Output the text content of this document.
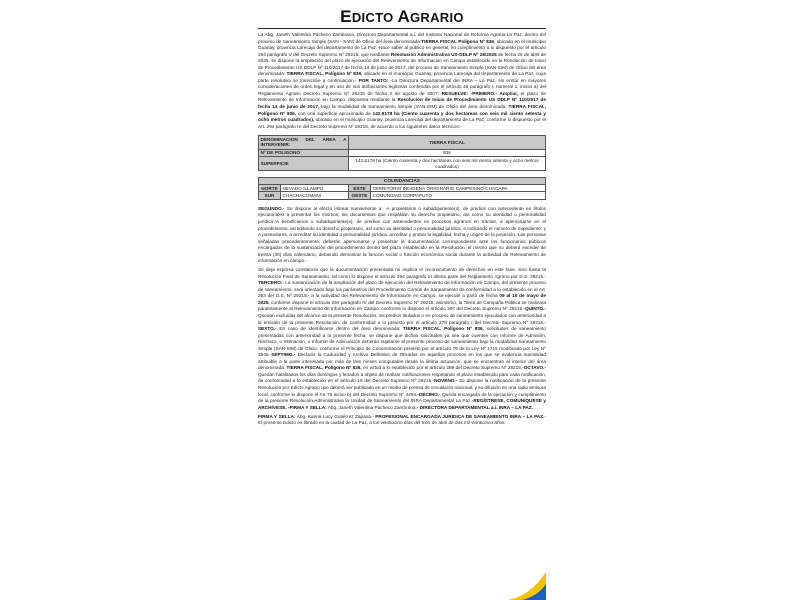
EDICTO AGRARIO

La Abg. Janeth Valentina Pacheco Zambrana, Directora Departamental a.i. del Instituto Nacional de Reforma Agraria-La Paz, dentro del proceso de Saneamiento Simple (SAN - SAN) de Oficio del área denominada TIERRA FISCAL Polígono Nº 836, ubicado en el municipio Guanay, provincia Larecaja del departamento de La Paz.-Hace saber al público en general, en cumplimiento a lo dispuesto por el artículo 294 parágrafo V del Decreto Supremo Nº 29215, que mediante Resolución Administrativa US-DDLP Nº 28/2025 de fecha 25 de abril de 2025, se dispone la ampliación del plazo de ejecución del Relevamiento de Información en Campo establecido en la Resolución de Inicio de Procedimiento US DDLP Nº 110/2017 de fecha 14 de junio de 2017, del proceso de Saneamiento Simple (SAN-SIM) de Oficio del área denominada: TIERRA FISCAL, Polígono Nº 836, ubicado en el municipio Guanay, provincia Larecaja del departamento de La Paz, cuya parte resolutiva se transcribe a continuación.- POR TANTO: -La Directora Departamental del INRA – La Paz, sin entrar en mayores consideraciones de orden legal y en uso de sus atribuciones legítimas conferidas por el artículo 48 parágrafo I, numeral 1, inciso a) del Reglamento Agrario Decreto Supremo Nº 29215 de fecha 2 de agosto de 2007; RESUELVE: -PRIMERO.- Ampliar, el plazo de Relevamiento de Información en Campo, dispuesta mediante la Resolución de Inicio de Procedimiento US DDLP Nº 110/2017 de fecha 14 de junio de 2017, bajo la modalidad de Saneamiento Simple (SAN-SIM) de Oficio del área denominada: TIERRA FISCAL, Polígono Nº 836, con una superficie aproximada de 142.6178 ha (Ciento cuarenta y dos hectáreas con seis mil ciento setenta y ocho metros cuadrados), ubicado en el municipio Guanay, provincia Larecaja del departamento de La Paz, conforme lo dispuesto por el Art. 294 parágrafo IV del Decreto Supremo Nº 29215, de acuerdo a los siguientes datos técnicos:-

DENOMINACION DEL ÁREA A INTERVENIR:	TIERRA FISCAL
Nº DE POLIGONO	836
SUPERFICIE	142.6178 ha (Ciento cuarenta y dos hectáreas con seis mil ciento setenta y ocho metros cuadrados)
COLINDANCIAS			
NORTE	NEVADO ILLAMPU	ESTE	TERRITORIO INDIGENA ORIGINARIO CAMPESINO CHACAPA
SUR	CHACHACOMANI	OESTE	COMUNIDAD CORPAPUTO

SEGUNDO.- Se dispone al efecto intimar nuevamente a: -A propietarios o subadquiriente(s), de predios con antecedente en títulos ejecutoriales a presentar los mismos, los documentos que respaldan su derecho propietario, así como su identidad o personalidad jurídica.-A beneficiarios o subadquiriente(s), de predios con antecedentes en procesos agrarios en trámite, a apersonarse en el procedimiento, acreditando su derecho propietario, así como su identidad o personalidad jurídica, e indicando el número de expediente; y A poseedores, a acreditar su identidad o personalidad jurídica, acreditar y probar la legalidad, fecha y origen de la posesión.-Las personas señaladas precedentemente, deberán apersonarse y presentar la documentación correspondiente ante los funcionarios públicos encargados de la sustanciación del procedimiento dentro del plazo establecido en la Resolución, el mismo que no deberá exceder de treinta (30) días calendario, debiendo demostrar la función social o función económica social durante la actividad de Relevamiento de información en campo.-

Se deja expresa constancia que la documentación presentada no implica el reconocimiento de derechos en este fase, sino hasta la Resolución Final de Saneamiento, tal como lo dispone el artículo 294 parágrafo III última parte del Reglamento Agrario por D.S. 29215.-TERCERO.- La sustanciación de la ampliación del plazo de ejecución del Relevamiento de Información en Campo, del presente proceso de saneamiento, será orientado bajo los parámetros del Procedimiento Común de Saneamiento de conformidad a lo establecido en el Art. 263 del D.S. Nº 29215.- a la actividad del Relevamiento de Información en Campo, se ejecute a partir de fecha 09 al 10 de mayo de 2025, conforme dispone el artículo 294 parágrafo IV del Decreto Supremo Nº 29215; asimismo, la Tarea de Campaña Pública se realizara paralelamente al Relevamiento de Información en Campo, conforme lo dispone el artículo 297 del Decreto Supremo Nº 29215.-QUINTO.- Quedan excluidas del alcance de la presente Resolución, los predios titulados o en proceso de saneamiento ejecutados con anterioridad a la emisión de la presente Resolución, de conformidad a lo previsto por el artículo 278 parágrafo I del Decreto Supremo Nº 29215.-SEXTO.- En caso de identificarse dentro del área denominada: TIERRA FISCAL, Polígono Nº 836, solicitudes de saneamiento presentadas con anterioridad a la presente fecha, se dispone que dichas solicitudes ya sea que cuenten con Informe de Admisión, Rechazo, o Intimación, o Informe de Adecuación deberán sujetarse al presente proceso de saneamiento bajo la modalidad Saneamiento Simple (SAN-SIM) de Oficio, conforme el Principio de Concentración previsto por el artículo 76 de la Ley Nº 1715 modificado por Ley Nº 3545.-SÉPTIMO.- Declarar la Caducidad y Archivo Definitivo de Obrados en aquellos procesos en los que se evidencia inactividad atribuible a la parte interesada por más de tres meses computable desde la última actuación, que se encuentran al interior del área denominada: TIERRA FISCAL, Polígono Nº 836, en virtud a lo establecido por el artículo 289 del Decreto Supremo Nº 29215.-OCTAVO.- Quedan habilitados los días domingos y feriados a objeto de realizar notificaciones respetando el plazo establecido para cada notificación, de conformidad a lo establecido en el artículo 15 del Decreto Supremo Nº 29215.-NOVENO.- Se dispone la notificación de la presente Resolución por Edicto Agrario que deberá ser publicado en un medio de prensa de circulación nacional, y su difusión en una radio emisora local, conforme lo dispone el Art 70 inciso b) del Decreto Supremo Nº 4494.-DÉCIMO.- Queda encargada de la ejecución y cumplimiento de la presente Resolución Administrativa la Unidad de Saneamiento del INRA Departamental La Paz.-REGÍSTRESE, COMUNÍQUESE y ARCHÍVESE. -FIRMA Y SELLA: Abg. Janeth Valentina Pacheco Zambrana.- DIRECTORA DEPARTAMENTAL a.i. INRA – LA PAZ.

FIRMA Y SELLA: Abg. Karina Lucy Gutiérrez Zapana.- PROFESIONAL ENCARGADA JURÍDICA DE SANEAMIENTO INRA – LA PAZ.- El presente Edicto es librado en la ciudad de La Paz, a los veintiocino días del mes de abril de dos mil veinticinco años.
